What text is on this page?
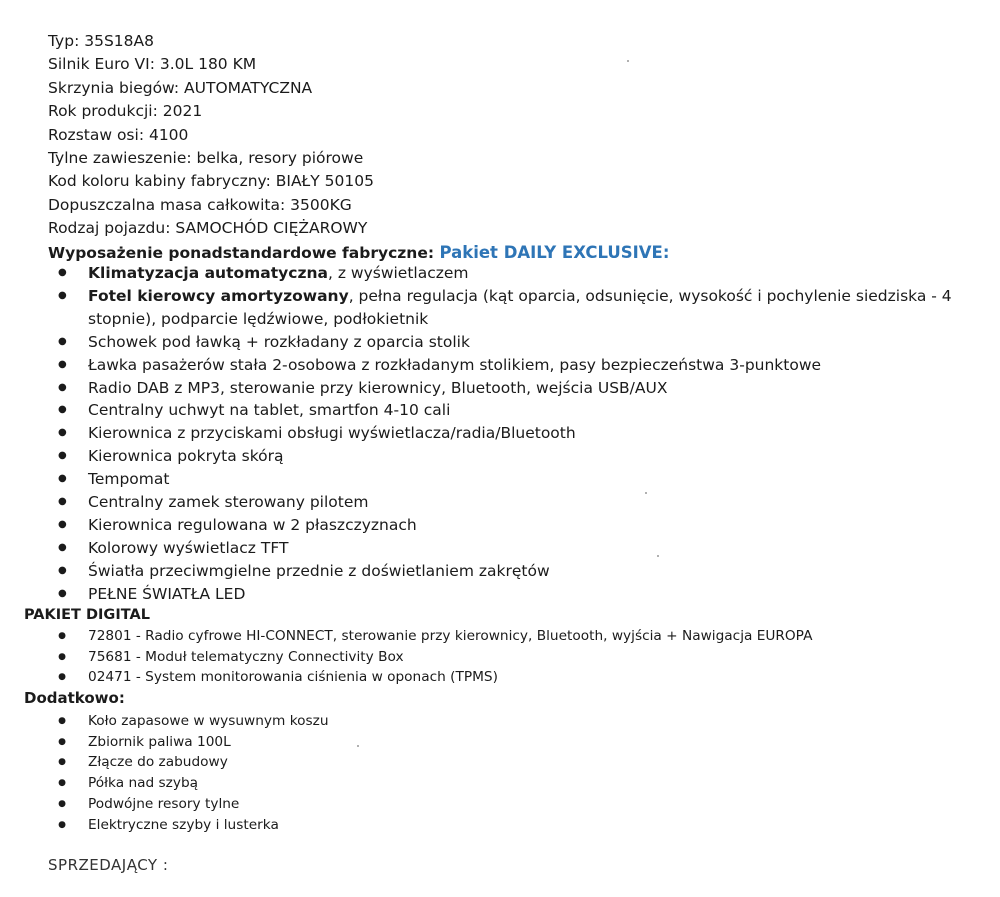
Typ: 35S18A8
Silnik Euro VI: 3.0L 180 KM
Skrzynia biegów: AUTOMATYCZNA
Rok produkcji: 2021
Rozstaw osi: 4100
Tylne zawieszenie: belka, resory piórowe
Kod koloru kabiny fabryczny: BIAŁY 50105
Dopuszczalna masa całkowita: 3500KG
Rodzaj pojazdu: SAMOCHÓD CIĘŻAROWY
Wyposażenie ponadstandardowe fabryczne: Pakiet DAILY EXCLUSIVE:
● Klimatyzacja automatyczna, z wyświetlaczem
● Fotel kierowcy amortyzowany, pełna regulacja (kąt oparcia, odsunięcie, wysokość i pochylenie siedziska - 4 stopnie), podparcie lędźwiowe, podłokietnik
● Schowek pod ławką + rozkładany z oparcia stolik
● Ławka pasażerów stała 2-osobowa z rozkładanym stolikiem, pasy bezpieczeństwa 3-punktowe
● Radio DAB z MP3, sterowanie przy kierownicy, Bluetooth, wejścia USB/AUX
● Centralny uchwyt na tablet, smartfon 4-10 cali
● Kierownica z przyciskami obsługi wyświetlacza/radia/Bluetooth
● Kierownica pokryta skórą
● Tempomat
● Centralny zamek sterowany pilotem
● Kierownica regulowana w 2 płaszczyznach
● Kolorowy wyświetlacz TFT
● Światła przeciwmgielne przednie z doświetlaniem zakrętów
● PEŁNE ŚWIATŁA LED
PAKIET DIGITAL
● 72801 - Radio cyfrowe HI-CONNECT, sterowanie przy kierownicy, Bluetooth, wyjścia + Nawigacja EUROPA
● 75681 - Moduł telematyczny Connectivity Box
● 02471 - System monitorowania ciśnienia w oponach (TPMS)
Dodatkowo:
● Koło zapasowe w wysuwnym koszu
● Zbiornik paliwa 100L
● Złącze do zabudowy
● Półka nad szybą
● Podwójne resory tylne
● Elektryczne szyby i lusterka
SPRZEDAJĄCY :
